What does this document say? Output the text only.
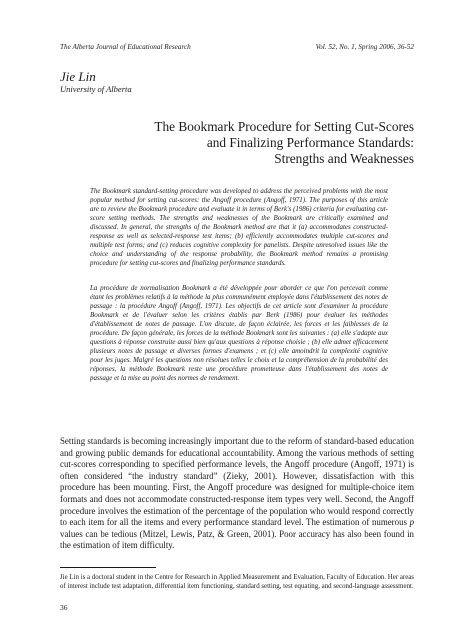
The Alberta Journal of Educational Research	Vol. 52, No. 1, Spring 2006, 36-52
Jie Lin
University of Alberta
The Bookmark Procedure for Setting Cut-Scores
and Finalizing Performance Standards:
Strengths and Weaknesses
The Bookmark standard-setting procedure was developed to address the perceived problems with the most popular method for setting cut-scores: the Angoff procedure (Angoff, 1971). The purposes of this article are to review the Bookmark procedure and evaluate it in terms of Berk's (1986) criteria for evaluating cut-score setting methods. The strengths and weaknesses of the Bookmark are critically examined and discussed. In general, the strengths of the Bookmark method are that it (a) accommodates constructed-response as well as selected-response test items; (b) efficiently accommodates multiple cut-scores and multiple test forms; and (c) reduces cognitive complexity for panelists. Despite unresolved issues like the choice and understanding of the response probability, the Bookmark method remains a promising procedure for setting cut-scores and finalizing performance standards.
La procédure de normalisation Bookmark a été développée pour aborder ce que l'on percevait comme étant les problèmes relatifs à la méthode la plus communément employée dans l'établissement des notes de passage : la procédure Angoff (Angoff, 1971). Les objectifs de cet article sont d'examiner la procédure Bookmark et de l'évaluer selon les critères établis par Berk (1986) pour évaluer les méthodes d'établissement de notes de passage. L'on discute, de façon éclairée, les forces et les faiblesses de la procédure. De façon générale, les forces de la méthode Bookmark sont les suivantes : (a) elle s'adapte aux questions à réponse construite aussi bien qu'aux questions à réponse choisie ; (b) elle admet efficacement plusieurs notes de passage et diverses formes d'examens ; et (c) elle amoindrit la complexité cognitive pour les juges. Malgré les questions non résolues telles le choix et la compréhension de la probabilité des réponses, la méthode Bookmark reste une procédure prometteuse dans l'établissement des notes de passage et la mise au point des normes de rendement.
Setting standards is becoming increasingly important due to the reform of standard-based education and growing public demands for educational accountability. Among the various methods of setting cut-scores corresponding to specified performance levels, the Angoff procedure (Angoff, 1971) is often considered “the industry standard” (Zieky, 2001). However, dissatisfaction with this procedure has been mounting. First, the Angoff procedure was designed for multiple-choice item formats and does not accommodate constructed-response item types very well. Second, the Angoff procedure involves the estimation of the percentage of the population who would respond correctly to each item for all the items and every performance standard level. The estimation of numerous p values can be tedious (Mitzel, Lewis, Patz, & Green, 2001). Poor accuracy has also been found in the estimation of item difficulty.
Jie Lin is a doctoral student in the Centre for Research in Applied Measurement and Evaluation, Faculty of Education. Her areas of interest include test adaptation, differential item functioning, standard setting, test equating, and second-language assessment.
36
